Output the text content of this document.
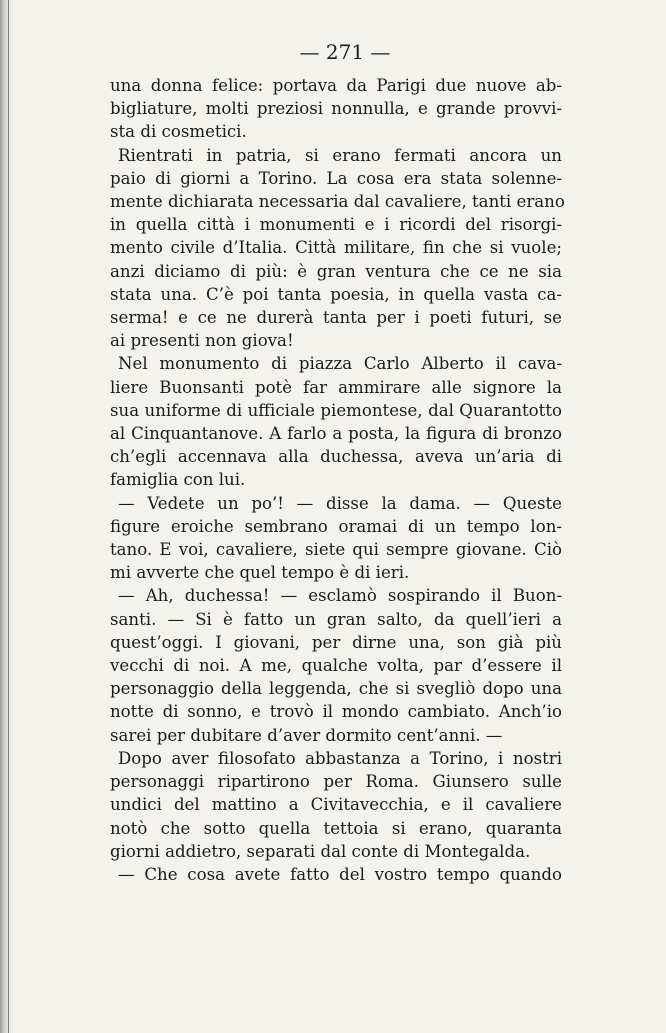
— 271 —
una donna felice: portava da Parigi due nuove ab-
bigliature, molti preziosi nonnulla, e grande provvi-
sta di cosmetici.
Rientrati in patria, si erano fermati ancora un
paio di giorni a Torino. La cosa era stata solenne-
mente dichiarata necessaria dal cavaliere, tanti erano
in quella città i monumenti e i ricordi del risorgi-
mento civile d’Italia. Città militare, fin che si vuole;
anzi diciamo di più: è gran ventura che ce ne sia
stata una. C’è poi tanta poesia, in quella vasta ca-
serma! e ce ne durerà tanta per i poeti futuri, se
ai presenti non giova!
Nel monumento di piazza Carlo Alberto il cava-
liere Buonsanti potè far ammirare alle signore la
sua uniforme di ufficiale piemontese, dal Quarantotto
al Cinquantanove. A farlo a posta, la figura di bronzo
ch’egli accennava alla duchessa, aveva un’aria di
famiglia con lui.
— Vedete un po’! — disse la dama. — Queste
figure eroiche sembrano oramai di un tempo lon-
tano. E voi, cavaliere, siete qui sempre giovane. Ciò
mi avverte che quel tempo è di ieri.
— Ah, duchessa! — esclamò sospirando il Buon-
santi. — Si è fatto un gran salto, da quell’ieri a
quest’oggi. I giovani, per dirne una, son già più
vecchi di noi. A me, qualche volta, par d’essere il
personaggio della leggenda, che si svegliò dopo una
notte di sonno, e trovò il mondo cambiato. Anch’io
sarei per dubitare d’aver dormito cent’anni. —
Dopo aver filosofato abbastanza a Torino, i nostri
personaggi ripartirono per Roma. Giunsero sulle
undici del mattino a Civitavecchia, e il cavaliere
notò che sotto quella tettoia si erano, quaranta
giorni addietro, separati dal conte di Montegalda.
— Che cosa avete fatto del vostro tempo quando
